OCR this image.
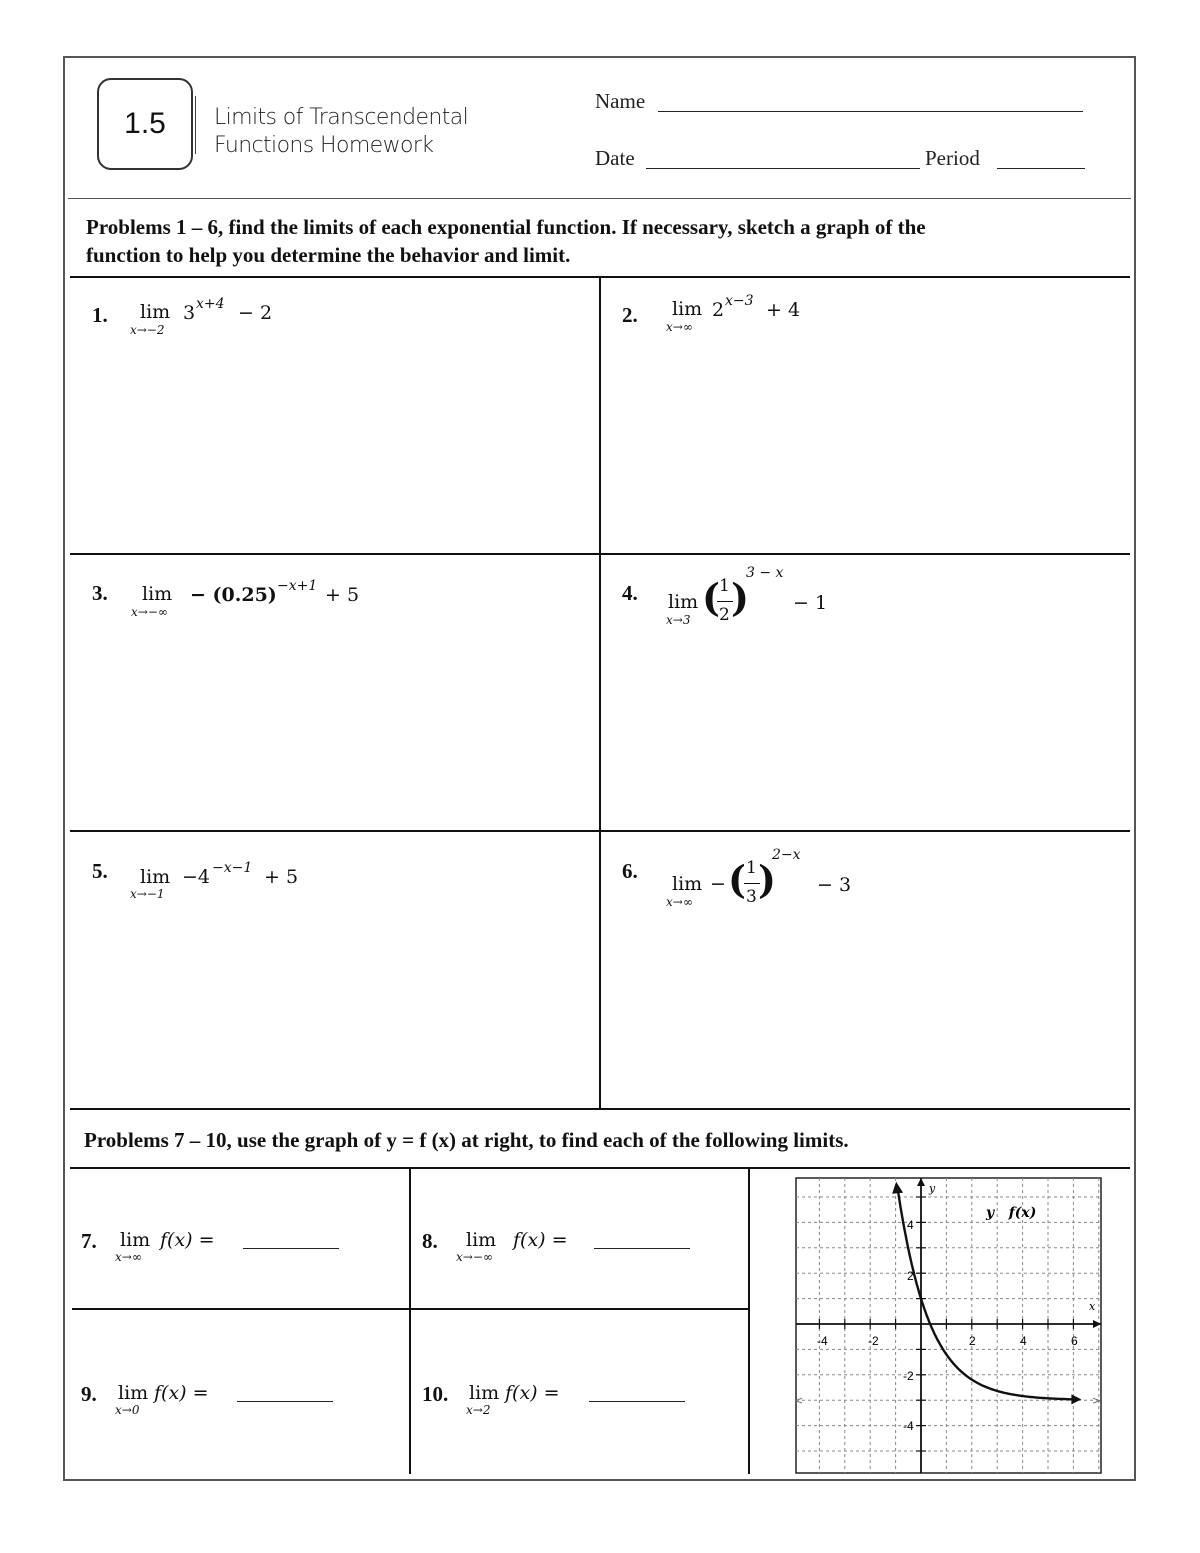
1.5 Limits of Transcendental
Functions Homework
Name
Date	Period
Problems 1 – 6, find the limits of each exponential function. If necessary, sketch a graph of the
function to help you determine the behavior and limit.
1. lim
x→−2
3 x+4 − 2	2. lim
x→∞
2 x−3 + 4
3. lim
x→−∞
− (0.25) −x+1 + 5	4. lim
x→3 ( 1
2 )
3 − x
− 1
5. lim
x→−1
−4 −x−1 + 5	6.
lim
x→∞
− ( 1
3 )
2−x
− 3
Problems 7 – 10, use the graph of y = f (x) at right, to find each of the following limits.
7. lim
x→∞
f(x) =	8. lim
x→−∞
f(x) =
9. lim
x→0
f(x) =	10. lim
x→2
f(x) =
y
x
y   f(x)
-4	-2	2	4	6
4
2
-2
-4
<	>
